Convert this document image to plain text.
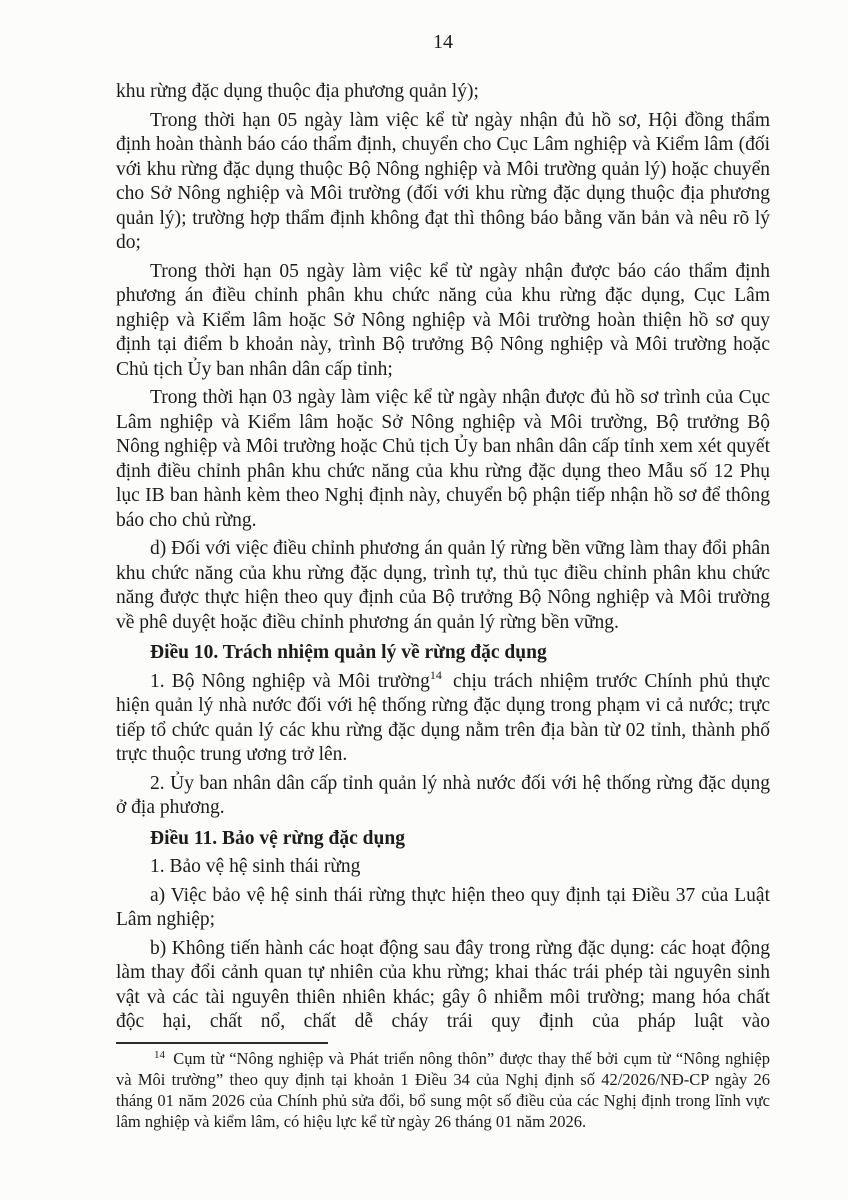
14

khu rừng đặc dụng thuộc địa phương quản lý);

Trong thời hạn 05 ngày làm việc kể từ ngày nhận đủ hồ sơ, Hội đồng thẩm định hoàn thành báo cáo thẩm định, chuyển cho Cục Lâm nghiệp và Kiểm lâm (đối với khu rừng đặc dụng thuộc Bộ Nông nghiệp và Môi trường quản lý) hoặc chuyển cho Sở Nông nghiệp và Môi trường (đối với khu rừng đặc dụng thuộc địa phương quản lý); trường hợp thẩm định không đạt thì thông báo bằng văn bản và nêu rõ lý do;

Trong thời hạn 05 ngày làm việc kể từ ngày nhận được báo cáo thẩm định phương án điều chỉnh phân khu chức năng của khu rừng đặc dụng, Cục Lâm nghiệp và Kiểm lâm hoặc Sở Nông nghiệp và Môi trường hoàn thiện hồ sơ quy định tại điểm b khoản này, trình Bộ trưởng Bộ Nông nghiệp và Môi trường hoặc Chủ tịch Ủy ban nhân dân cấp tỉnh;

Trong thời hạn 03 ngày làm việc kể từ ngày nhận được đủ hồ sơ trình của Cục Lâm nghiệp và Kiểm lâm hoặc Sở Nông nghiệp và Môi trường, Bộ trưởng Bộ Nông nghiệp và Môi trường hoặc Chủ tịch Ủy ban nhân dân cấp tỉnh xem xét quyết định điều chỉnh phân khu chức năng của khu rừng đặc dụng theo Mẫu số 12 Phụ lục IB ban hành kèm theo Nghị định này, chuyển bộ phận tiếp nhận hồ sơ để thông báo cho chủ rừng.

d) Đối với việc điều chỉnh phương án quản lý rừng bền vững làm thay đổi phân khu chức năng của khu rừng đặc dụng, trình tự, thủ tục điều chỉnh phân khu chức năng được thực hiện theo quy định của Bộ trưởng Bộ Nông nghiệp và Môi trường về phê duyệt hoặc điều chỉnh phương án quản lý rừng bền vững.

Điều 10. Trách nhiệm quản lý về rừng đặc dụng

1. Bộ Nông nghiệp và Môi trường$^{14}$ chịu trách nhiệm trước Chính phủ thực hiện quản lý nhà nước đối với hệ thống rừng đặc dụng trong phạm vi cả nước; trực tiếp tổ chức quản lý các khu rừng đặc dụng nằm trên địa bàn từ 02 tỉnh, thành phố trực thuộc trung ương trở lên.

2. Ủy ban nhân dân cấp tỉnh quản lý nhà nước đối với hệ thống rừng đặc dụng ở địa phương.

Điều 11. Bảo vệ rừng đặc dụng

1. Bảo vệ hệ sinh thái rừng

a) Việc bảo vệ hệ sinh thái rừng thực hiện theo quy định tại Điều 37 của Luật Lâm nghiệp;

b) Không tiến hành các hoạt động sau đây trong rừng đặc dụng: các hoạt động làm thay đổi cảnh quan tự nhiên của khu rừng; khai thác trái phép tài nguyên sinh vật và các tài nguyên thiên nhiên khác; gây ô nhiễm môi trường; mang hóa chất độc hại, chất nổ, chất dễ cháy trái quy định của pháp luật vào

$^{14}$ Cụm từ “Nông nghiệp và Phát triển nông thôn” được thay thế bởi cụm từ “Nông nghiệp và Môi trường” theo quy định tại khoản 1 Điều 34 của Nghị định số 42/2026/NĐ-CP ngày 26 tháng 01 năm 2026 của Chính phủ sửa đổi, bổ sung một số điều của các Nghị định trong lĩnh vực lâm nghiệp và kiểm lâm, có hiệu lực kể từ ngày 26 tháng 01 năm 2026.
